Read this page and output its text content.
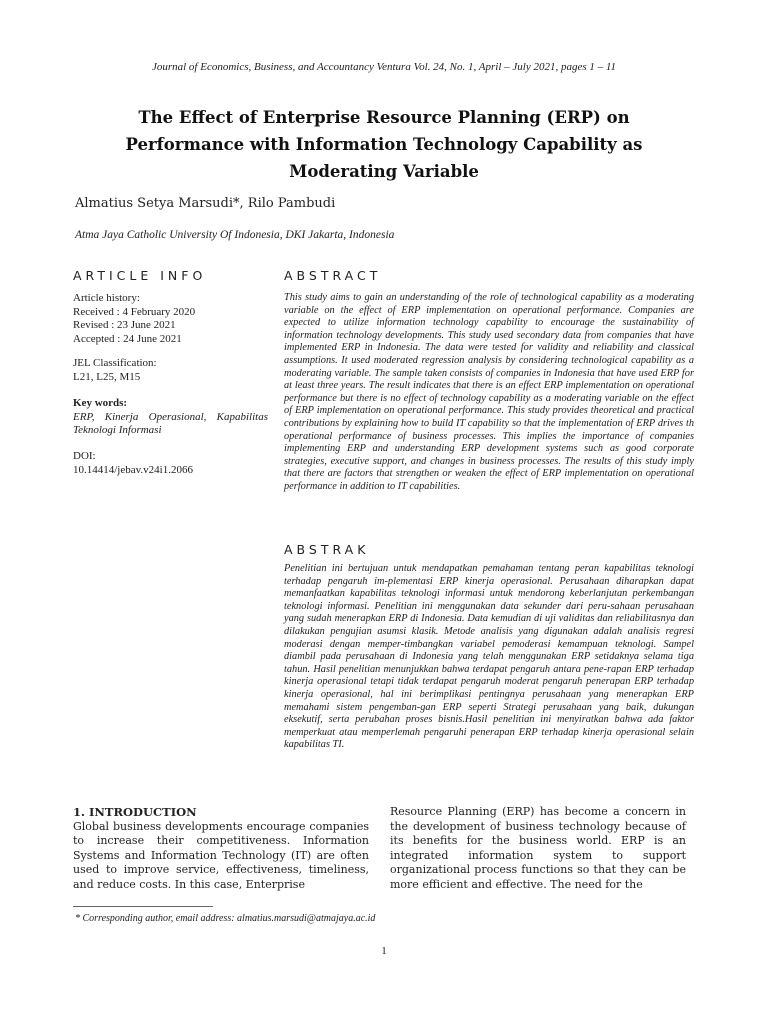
Journal of Economics, Business, and Accountancy Ventura Vol. 24, No. 1, April – July 2021, pages 1 – 11
The Effect of Enterprise Resource Planning (ERP) on Performance with Information Technology Capability as Moderating Variable
Almatius Setya Marsudi*, Rilo Pambudi
Atma Jaya Catholic University Of Indonesia, DKI Jakarta, Indonesia
ARTICLE INFO	ABSTRACT
Article history:
Received : 4 February 2020
Revised : 23 June 2021
Accepted : 24 June 2021
JEL Classification:
L21, L25, M15
Key words:
ERP, Kinerja Operasional, Kapabilitas Teknologi Informasi
DOI:
10.14414/jebav.v24i1.2066
This study aims to gain an understanding of the role of technological capability as a moderating variable on the effect of ERP implementation on operational performance. Companies are expected to utilize information technology capability to encourage the sustainability of information technology developments. This study used secondary data from companies that have implemented ERP in Indonesia. The data were tested for validity and reliability and classical assumptions. It used moderated regression analysis by considering technological capability as a moderating variable. The sample taken consists of companies in Indonesia that have used ERP for at least three years. The result indicates that there is an effect ERP implementation on operational performance but there is no effect of technology capability as a moderating variable on the effect of ERP implementation on operational performance. This study provides theoretical and practical contributions by explaining how to build IT capability so that the implementation of ERP drives th operational performance of business processes. This implies the importance of companies implementing ERP and understanding ERP development systems such as good corporate strategies, executive support, and changes in business processes. The results of this study imply that there are factors that strengthen or weaken the effect of ERP implementation on operational performance in addition to IT capabilities.
ABSTRAK
Penelitian ini bertujuan untuk mendapatkan pemahaman tentang peran kapabilitas teknologi terhadap pengaruh im-plementasi ERP kinerja operasional. Perusahaan diharapkan dapat memanfaatkan kapabilitas teknologi informasi untuk mendorong keberlanjutan perkembangan teknologi informasi. Penelitian ini menggunakan data sekunder dari peru-sahaan perusahaan yang sudah menerapkan ERP di Indonesia. Data kemudian di uji validitas dan reliabilitasnya dan dilakukan pengujian asumsi klasik. Metode analisis yang digunakan adalah analisis regresi moderasi dengan memper-timbangkan variabel pemoderasi kemampuan teknologi. Sampel diambil pada perusahaan di Indonesia yang telah menggunakan ERP setidaknya selama tiga tahun. Hasil penelitian menunjukkan bahwa terdapat pengaruh antara pene-rapan ERP terhadap kinerja operasional tetapi tidak terdapat pengaruh moderat pengaruh penerapan ERP terhadap kinerja operasional, hal ini berimplikasi pentingnya perusahaan yang menerapkan ERP memahami sistem pengemban-gan ERP seperti Strategi perusahaan yang baik, dukungan eksekutif, serta perubahan proses bisnis.Hasil penelitian ini menyiratkan bahwa ada faktor memperkuat atau memperlemah pengaruhi penerapan ERP terhadap kinerja operasional selain kapabilitas TI.
1. INTRODUCTION
Global business developments encourage companies to increase their competitiveness. Information Systems and Information Technology (IT) are often used to improve service, effectiveness, timeliness, and reduce costs. In this case, Enterprise
Resource Planning (ERP) has become a concern in the development of business technology because of its benefits for the business world. ERP is an integrated information system to support organizational process functions so that they can be more efficient and effective. The need for the
* Corresponding author, email address: almatius.marsudi@atmajaya.ac.id
1
